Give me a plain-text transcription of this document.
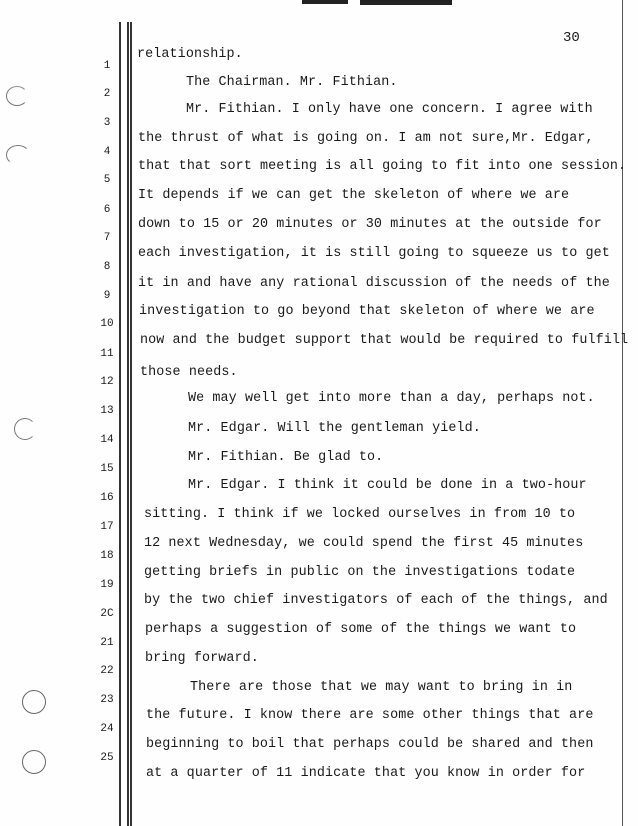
30

1
2
3
4
5
6
7
8
9
10
11
12
13
14
15
16
17
18
19
2C
21
22
23
24
25

relationship.

The Chairman. Mr. Fithian.

Mr. Fithian. I only have one concern. I agree with

the thrust of what is going on. I am not sure,Mr. Edgar,

that that sort meeting is all going to fit into one session.

It depends if we can get the skeleton of where we are

down to 15 or 20 minutes or 30 minutes at the outside for

each investigation, it is still going to squeeze us to get

it in and have any rational discussion of the needs of the

investigation to go beyond that skeleton of where we are

now and the budget support that would be required to fulfill

those needs.

We may well get into more than a day, perhaps not.

Mr. Edgar. Will the gentleman yield.

Mr. Fithian. Be glad to.

Mr. Edgar. I think it could be done in a two-hour

sitting. I think if we locked ourselves in from 10 to

12 next Wednesday, we could spend the first 45 minutes

getting briefs in public on the investigations todate

by the two chief investigators of each of the things, and

perhaps a suggestion of some of the things we want to

bring forward.

There are those that we may want to bring in in

the future. I know there are some other things that are

beginning to boil that perhaps could be shared and then

at a quarter of 11 indicate that you know in order for
